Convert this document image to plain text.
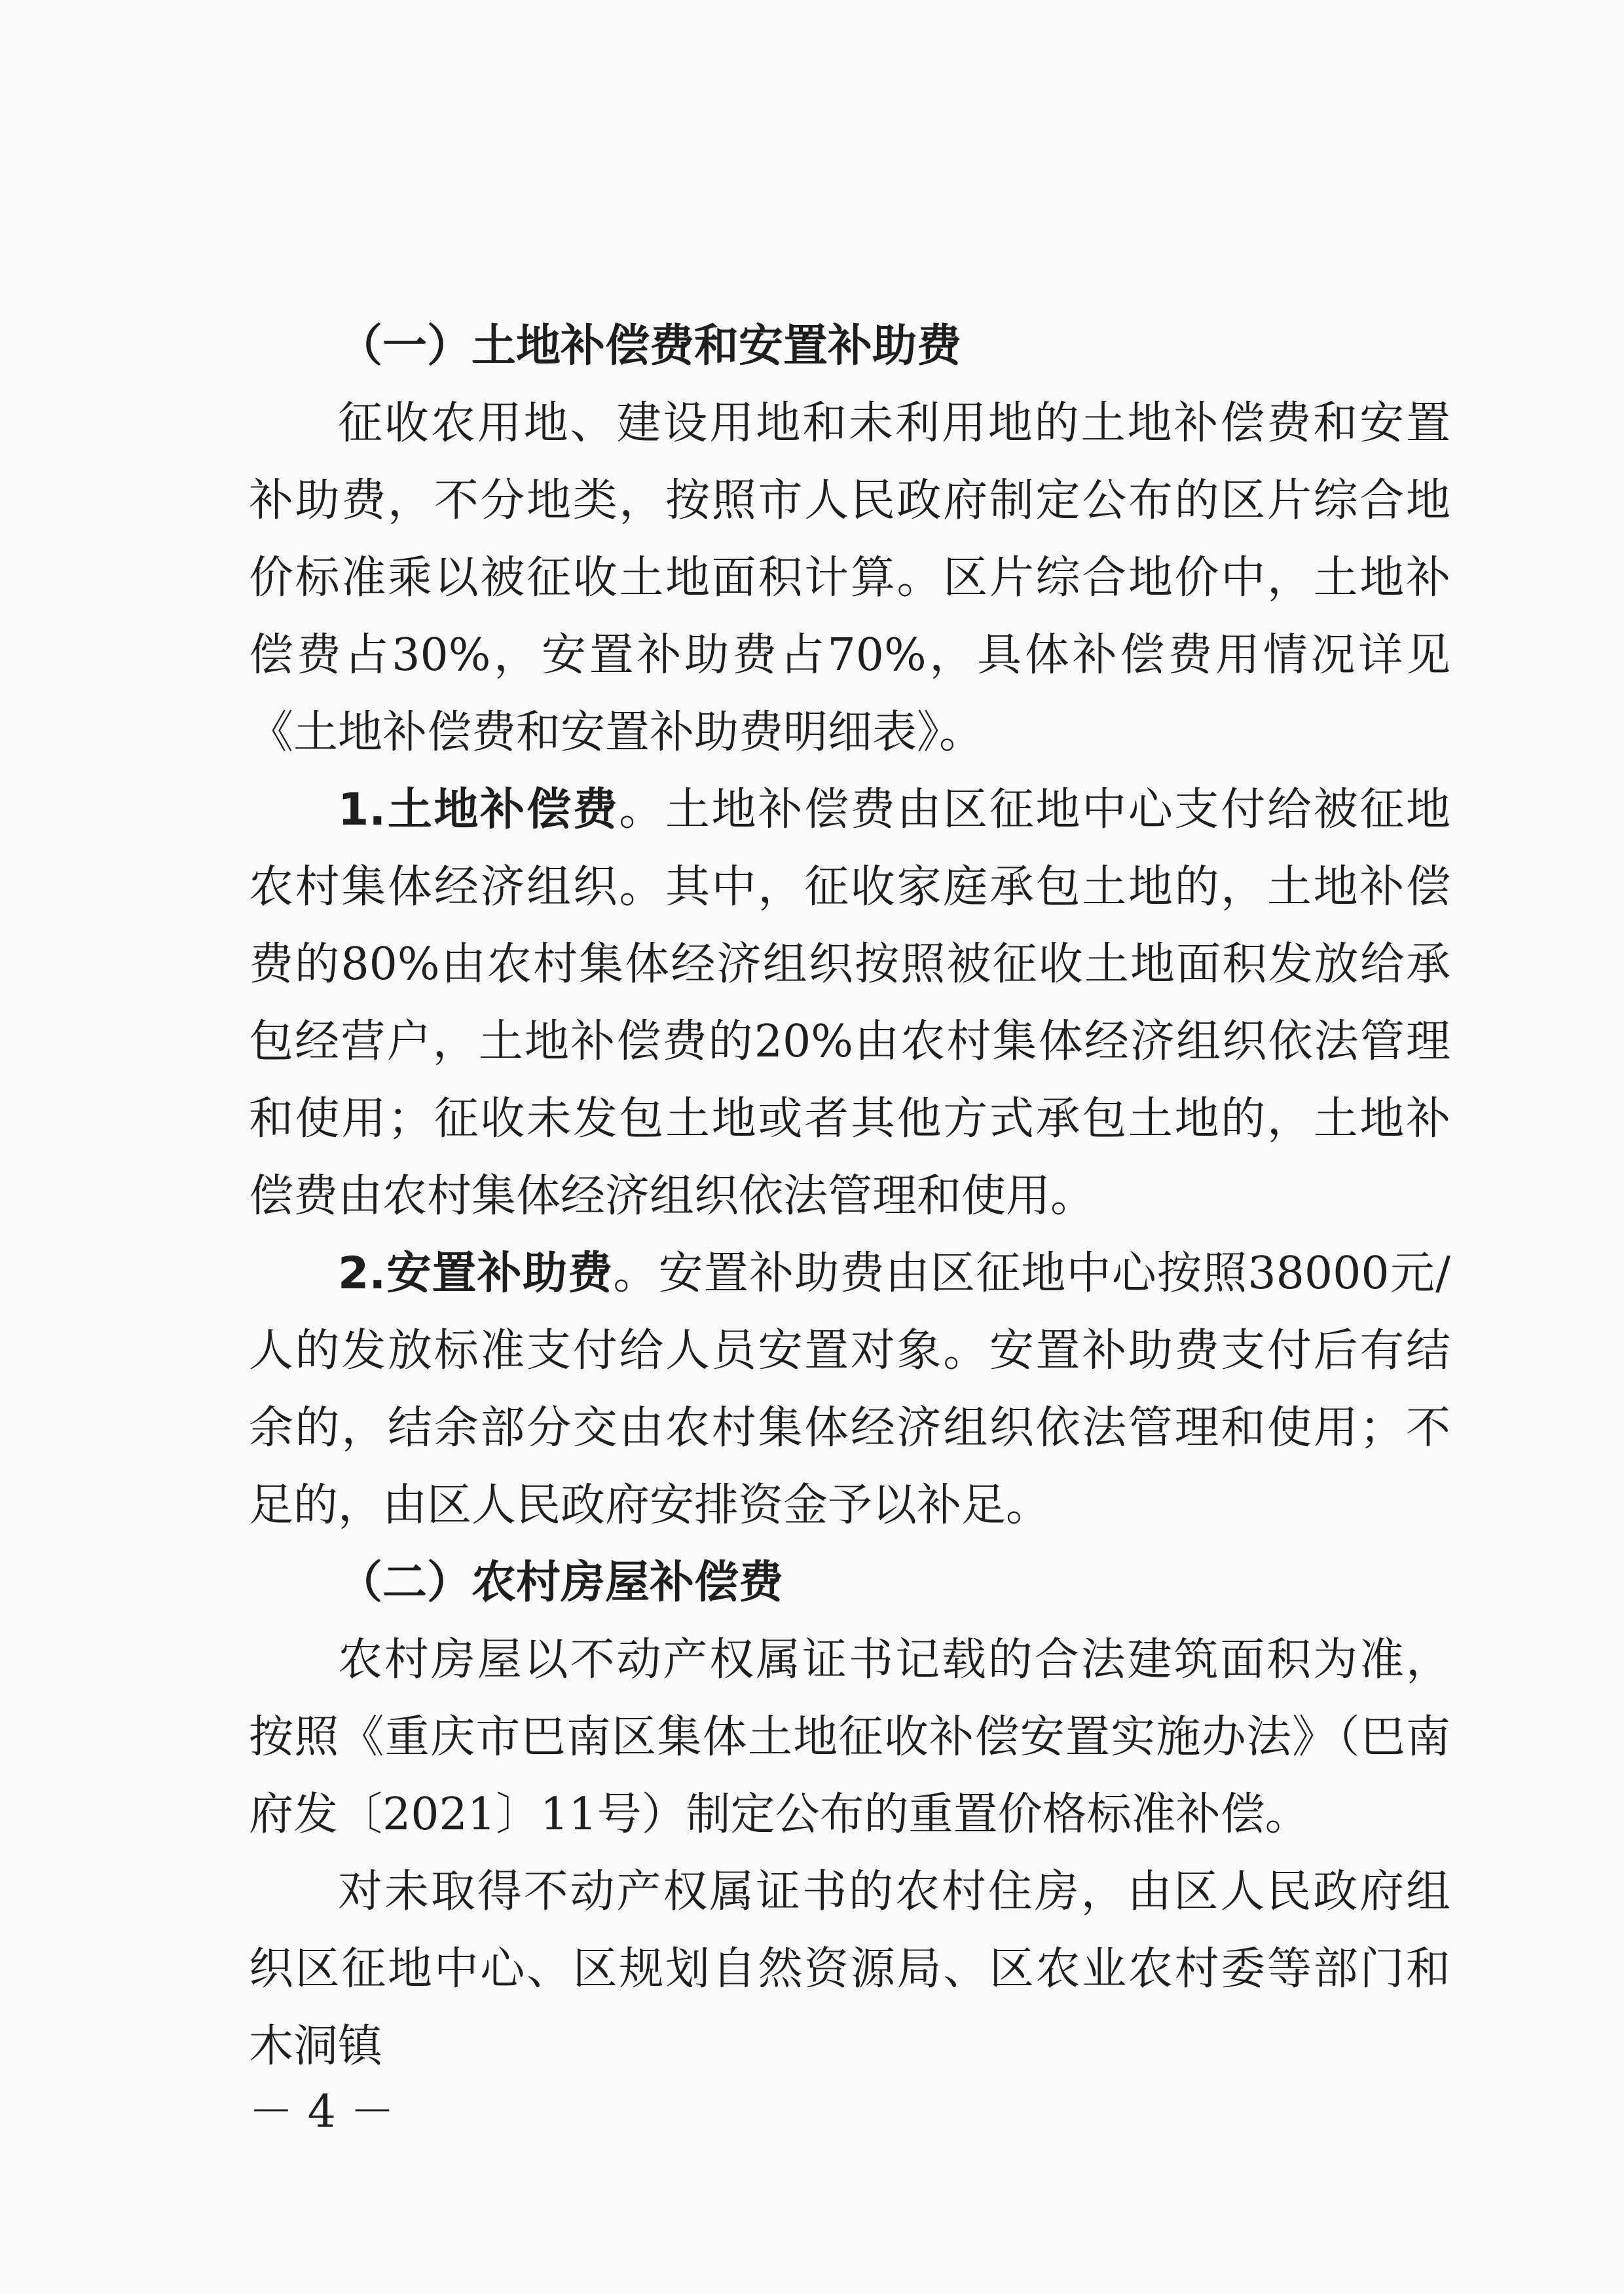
（一）土地补偿费和安置补助费

征收农用地、建设用地和未利用地的土地补偿费和安置补助费，不分地类，按照市人民政府制定公布的区片综合地价标准乘以被征收土地面积计算。区片综合地价中，土地补偿费占30%，安置补助费占70%，具体补偿费用情况详见《土地补偿费和安置补助费明细表》。

1.土地补偿费。土地补偿费由区征地中心支付给被征地农村集体经济组织。其中，征收家庭承包土地的，土地补偿费的80%由农村集体经济组织按照被征收土地面积发放给承包经营户，土地补偿费的20%由农村集体经济组织依法管理和使用；征收未发包土地或者其他方式承包土地的，土地补偿费由农村集体经济组织依法管理和使用。

2.安置补助费。安置补助费由区征地中心按照38000元/人的发放标准支付给人员安置对象。安置补助费支付后有结余的，结余部分交由农村集体经济组织依法管理和使用；不足的，由区人民政府安排资金予以补足。

（二）农村房屋补偿费

农村房屋以不动产权属证书记载的合法建筑面积为准，按照《重庆市巴南区集体土地征收补偿安置实施办法》（巴南府发〔2021〕11号）制定公布的重置价格标准补偿。

对未取得不动产权属证书的农村住房，由区人民政府组织区征地中心、区规划自然资源局、区农业农村委等部门和木洞镇

－ 4 －
